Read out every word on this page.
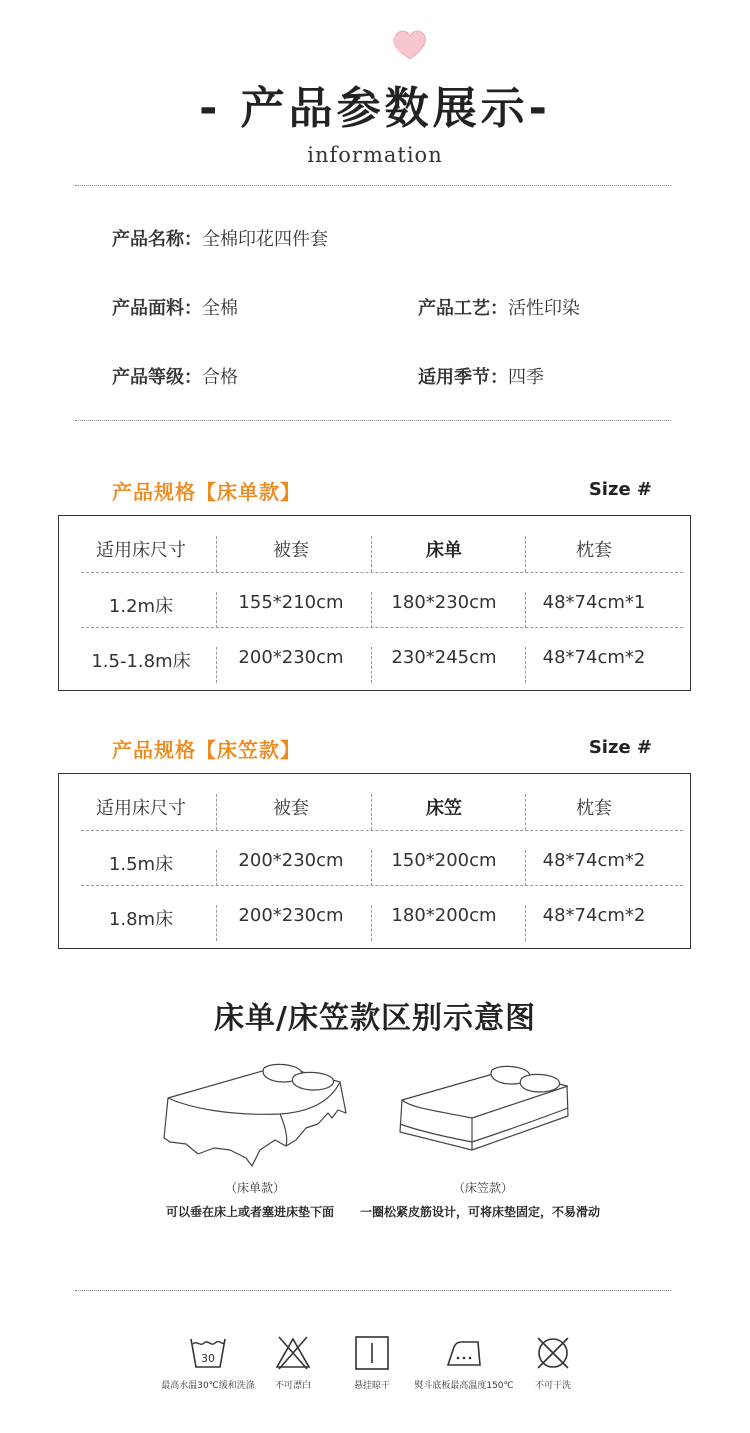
- 产品参数展示-
information
产品名称：全棉印花四件套
产品面料：全棉	产品工艺：活性印染
产品等级：合格	适用季节：四季
产品规格【床单款】	Size #
适用床尺寸	被套	床单	枕套
1.2m床	155*210cm	180*230cm	48*74cm*1
1.5-1.8m床	200*230cm	230*245cm	48*74cm*2
产品规格【床笠款】	Size #
适用床尺寸	被套	床笠	枕套
1.5m床	200*230cm	150*200cm	48*74cm*2
1.8m床	200*230cm	180*200cm	48*74cm*2
床单/床笠款区别示意图
（床单款）
可以垂在床上或者塞进床垫下面
（床笠款）
一圈松紧皮筋设计，可将床垫固定，不易滑动
30
最高水温30℃缓和洗涤	不可漂白	悬挂晾干	熨斗底板最高温度150℃	不可干洗
